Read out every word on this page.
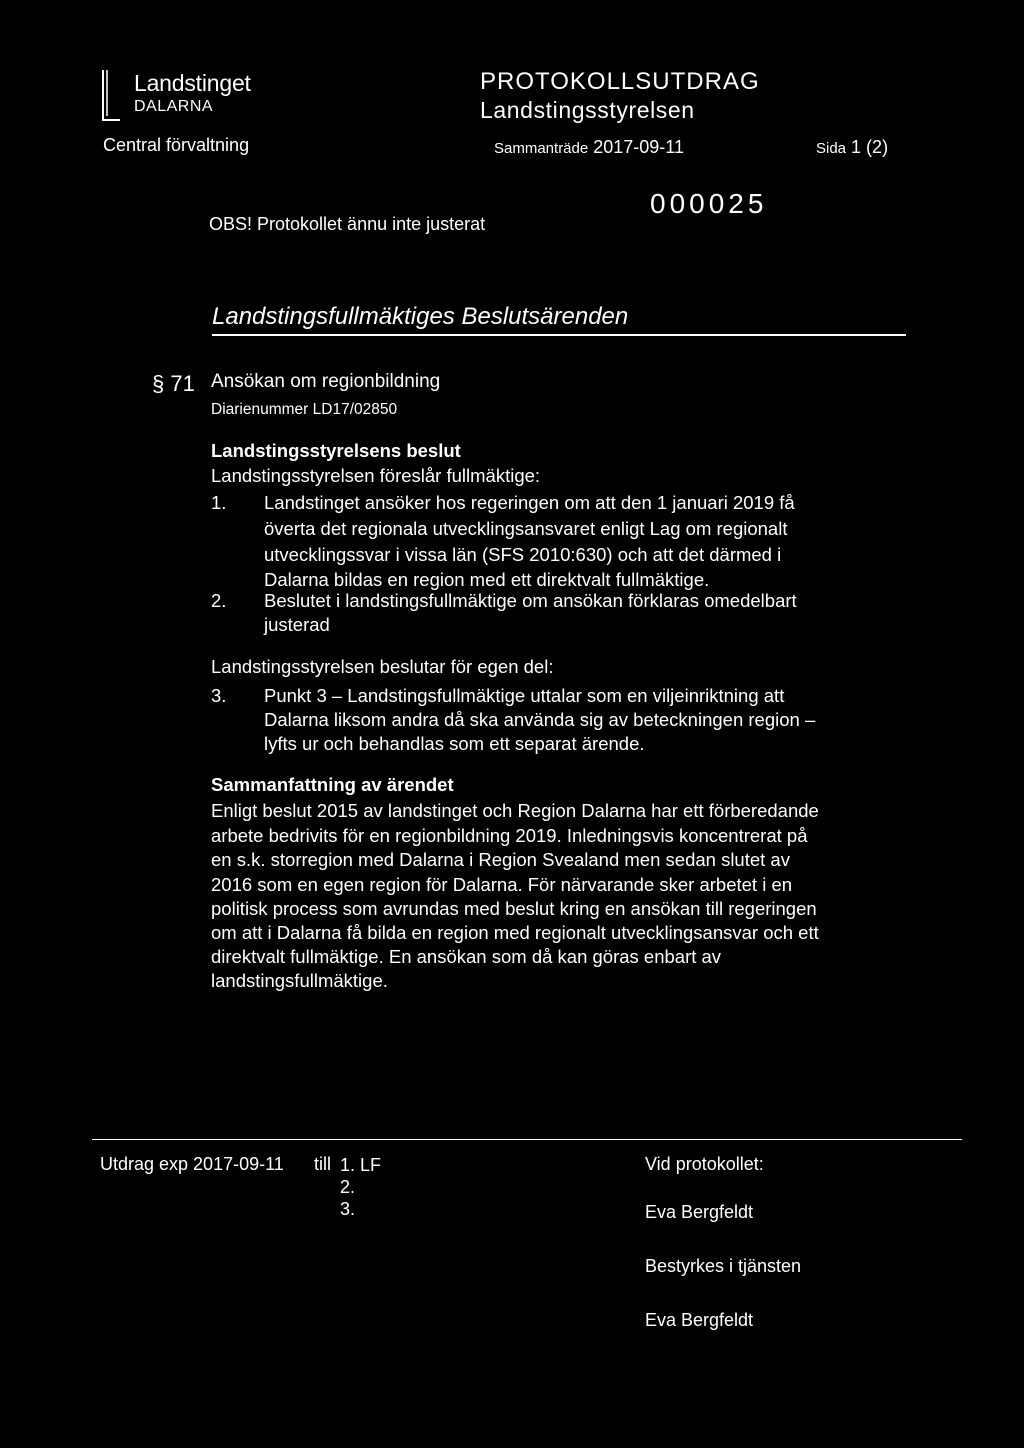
Landstinget
DALARNA
PROTOKOLLSUTDRAG
Landstingsstyrelsen
Central förvaltning	Sammanträde 2017-09-11	Sida 1 (2)
000025
OBS! Protokollet ännu inte justerat
Landstingsfullmäktiges Beslutsärenden
§ 71 Ansökan om regionbildning
Diarienummer LD17/02850
Landstingsstyrelsens beslut
Landstingsstyrelsen föreslår fullmäktige:
1. Landstinget ansöker hos regeringen om att den 1 januari 2019 få
överta det regionala utvecklingsansvaret enligt Lag om regionalt
utvecklingssvar i vissa län (SFS 2010:630) och att det därmed i
Dalarna bildas en region med ett direktvalt fullmäktige.
2. Beslutet i landstingsfullmäktige om ansökan förklaras omedelbart
justerad
Landstingsstyrelsen beslutar för egen del:
3. Punkt 3 – Landstingsfullmäktige uttalar som en viljeinriktning att
Dalarna liksom andra då ska använda sig av beteckningen region –
lyfts ur och behandlas som ett separat ärende.
Sammanfattning av ärendet
Enligt beslut 2015 av landstinget och Region Dalarna har ett förberedande
arbete bedrivits för en regionbildning 2019. Inledningsvis koncentrerat på
en s.k. storregion med Dalarna i Region Svealand men sedan slutet av
2016 som en egen region för Dalarna. För närvarande sker arbetet i en
politisk process som avrundas med beslut kring en ansökan till regeringen
om att i Dalarna få bilda en region med regionalt utvecklingsansvar och ett
direktvalt fullmäktige. En ansökan som då kan göras enbart av
landstingsfullmäktige.
Utdrag exp 2017-09-11 till 1. LF
2.
3.
Vid protokollet:
Eva Bergfeldt
Bestyrkes i tjänsten
Eva Bergfeldt
